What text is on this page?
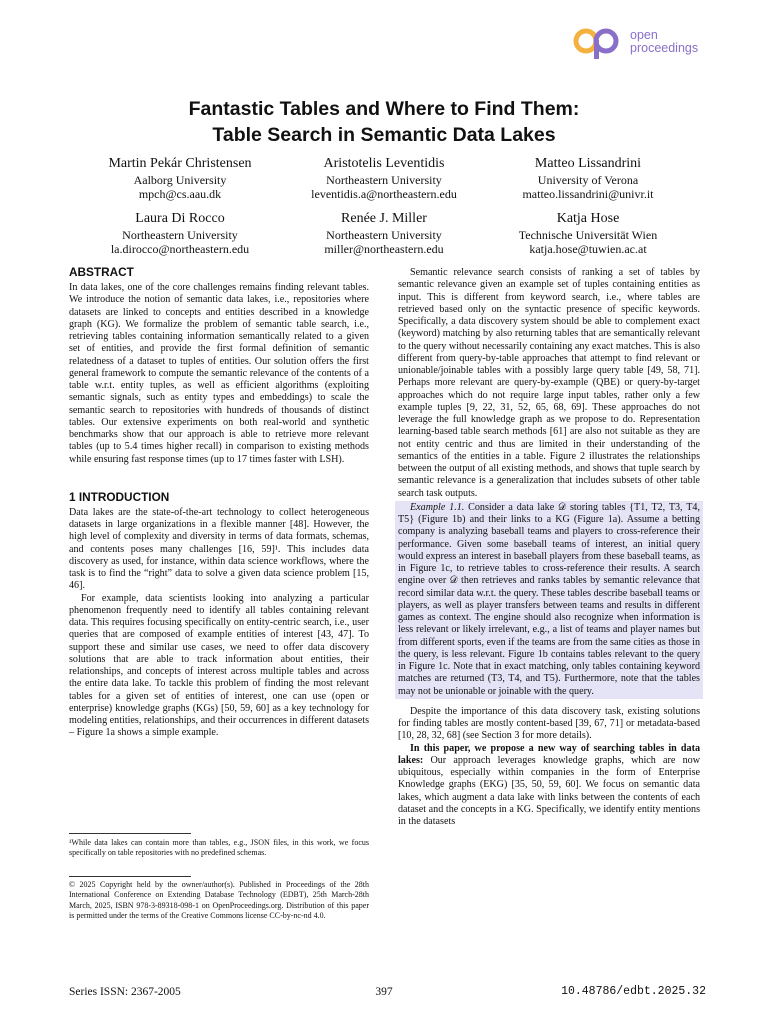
open
proceedings
Fantastic Tables and Where to Find Them:
Table Search in Semantic Data Lakes
Martin Pekár Christensen
Aalborg University
mpch@cs.aau.dk
Aristotelis Leventidis
Northeastern University
leventidis.a@northeastern.edu
Matteo Lissandrini
University of Verona
matteo.lissandrini@univr.it
Laura Di Rocco
Northeastern University
la.dirocco@northeastern.edu
Renée J. Miller
Northeastern University
miller@northeastern.edu
Katja Hose
Technische Universität Wien
katja.hose@tuwien.ac.at

ABSTRACT

In data lakes, one of the core challenges remains finding relevant tables. We introduce the notion of semantic data lakes, i.e., repositories where datasets are linked to concepts and entities described in a knowledge graph (KG). We formalize the problem of semantic table search, i.e., retrieving tables containing information semantically related to a given set of entities, and provide the first formal definition of semantic relatedness of a dataset to tuples of entities. Our solution offers the first general framework to compute the semantic relevance of the contents of a table w.r.t. entity tuples, as well as efficient algorithms (exploiting semantic signals, such as entity types and embeddings) to scale the semantic search to repositories with hundreds of thousands of distinct tables. Our extensive experiments on both real-world and synthetic benchmarks show that our approach is able to retrieve more relevant tables (up to 5.4 times higher recall) in comparison to existing methods while ensuring fast response times (up to 17 times faster with LSH).

1 INTRODUCTION

Data lakes are the state-of-the-art technology to collect heterogeneous datasets in large organizations in a flexible manner [48]. However, the high level of complexity and diversity in terms of data formats, schemas, and contents poses many challenges [16, 59]¹. This includes data discovery as used, for instance, within data science workflows, where the task is to find the “right” data to solve a given data science problem [15, 46].

For example, data scientists looking into analyzing a particular phenomenon frequently need to identify all tables containing relevant data. This requires focusing specifically on entity-centric search, i.e., user queries that are composed of example entities of interest [43, 47]. To support these and similar use cases, we need to offer data discovery solutions that are able to track information about entities, their relationships, and concepts of interest across multiple tables and across the entire data lake. To tackle this problem of finding the most relevant tables for a given set of entities of interest, one can use (open or enterprise) knowledge graphs (KGs) [50, 59, 60] as a key technology for modeling entities, relationships, and their occurrences in different datasets – Figure 1a shows a simple example.

¹While data lakes can contain more than tables, e.g., JSON files, in this work, we focus specifically on table repositories with no predefined schemas.
© 2025 Copyright held by the owner/author(s). Published in Proceedings of the 28th International Conference on Extending Database Technology (EDBT), 25th March-28th March, 2025, ISBN 978-3-89318-098-1 on OpenProceedings.org. Distribution of this paper is permitted under the terms of the Creative Commons license CC-by-nc-nd 4.0.

Semantic relevance search consists of ranking a set of tables by semantic relevance given an example set of tuples containing entities as input. This is different from keyword search, i.e., where tables are retrieved based only on the syntactic presence of specific keywords. Specifically, a data discovery system should be able to complement exact (keyword) matching by also returning tables that are semantically relevant to the query without necessarily containing any exact matches. This is also different from query-by-table approaches that attempt to find relevant or unionable/joinable tables with a possibly large query table [49, 58, 71]. Perhaps more relevant are query-by-example (QBE) or query-by-target approaches which do not require large input tables, rather only a few example tuples [9, 22, 31, 52, 65, 68, 69]. These approaches do not leverage the full knowledge graph as we propose to do. Representation learning-based table search methods [61] are also not suitable as they are not entity centric and thus are limited in their understanding of the semantics of the entities in a table. Figure 2 illustrates the relationships between the output of all existing methods, and shows that tuple search by semantic relevance is a generalization that includes subsets of other table search task outputs.

Example 1.1. Consider a data lake 𝒟 storing tables {T1, T2, T3, T4, T5} (Figure 1b) and their links to a KG (Figure 1a). Assume a betting company is analyzing baseball teams and players to cross-reference their performance. Given some baseball teams of interest, an initial query would express an interest in baseball players from these baseball teams, as in Figure 1c, to retrieve tables to cross-reference their results. A search engine over 𝒟 then retrieves and ranks tables by semantic relevance that record similar data w.r.t. the query. These tables describe baseball teams or players, as well as player transfers between teams and results in different games as context. The engine should also recognize when information is less relevant or likely irrelevant, e.g., a list of teams and player names but from different sports, even if the teams are from the same cities as those in the query, is less relevant. Figure 1b contains tables relevant to the query in Figure 1c. Note that in exact matching, only tables containing keyword matches are returned (T3, T4, and T5). Furthermore, note that the tables may not be unionable or joinable with the query.

Despite the importance of this data discovery task, existing solutions for finding tables are mostly content-based [39, 67, 71] or metadata-based [10, 28, 32, 68] (see Section 3 for more details).

In this paper, we propose a new way of searching tables in data lakes: Our approach leverages knowledge graphs, which are now ubiquitous, especially within companies in the form of Enterprise Knowledge graphs (EKG) [35, 50, 59, 60]. We focus on semantic data lakes, which augment a data lake with links between the contents of each dataset and the concepts in a KG. Specifically, we identify entity mentions in the datasets

Series ISSN: 2367-2005	397	10.48786/edbt.2025.32
